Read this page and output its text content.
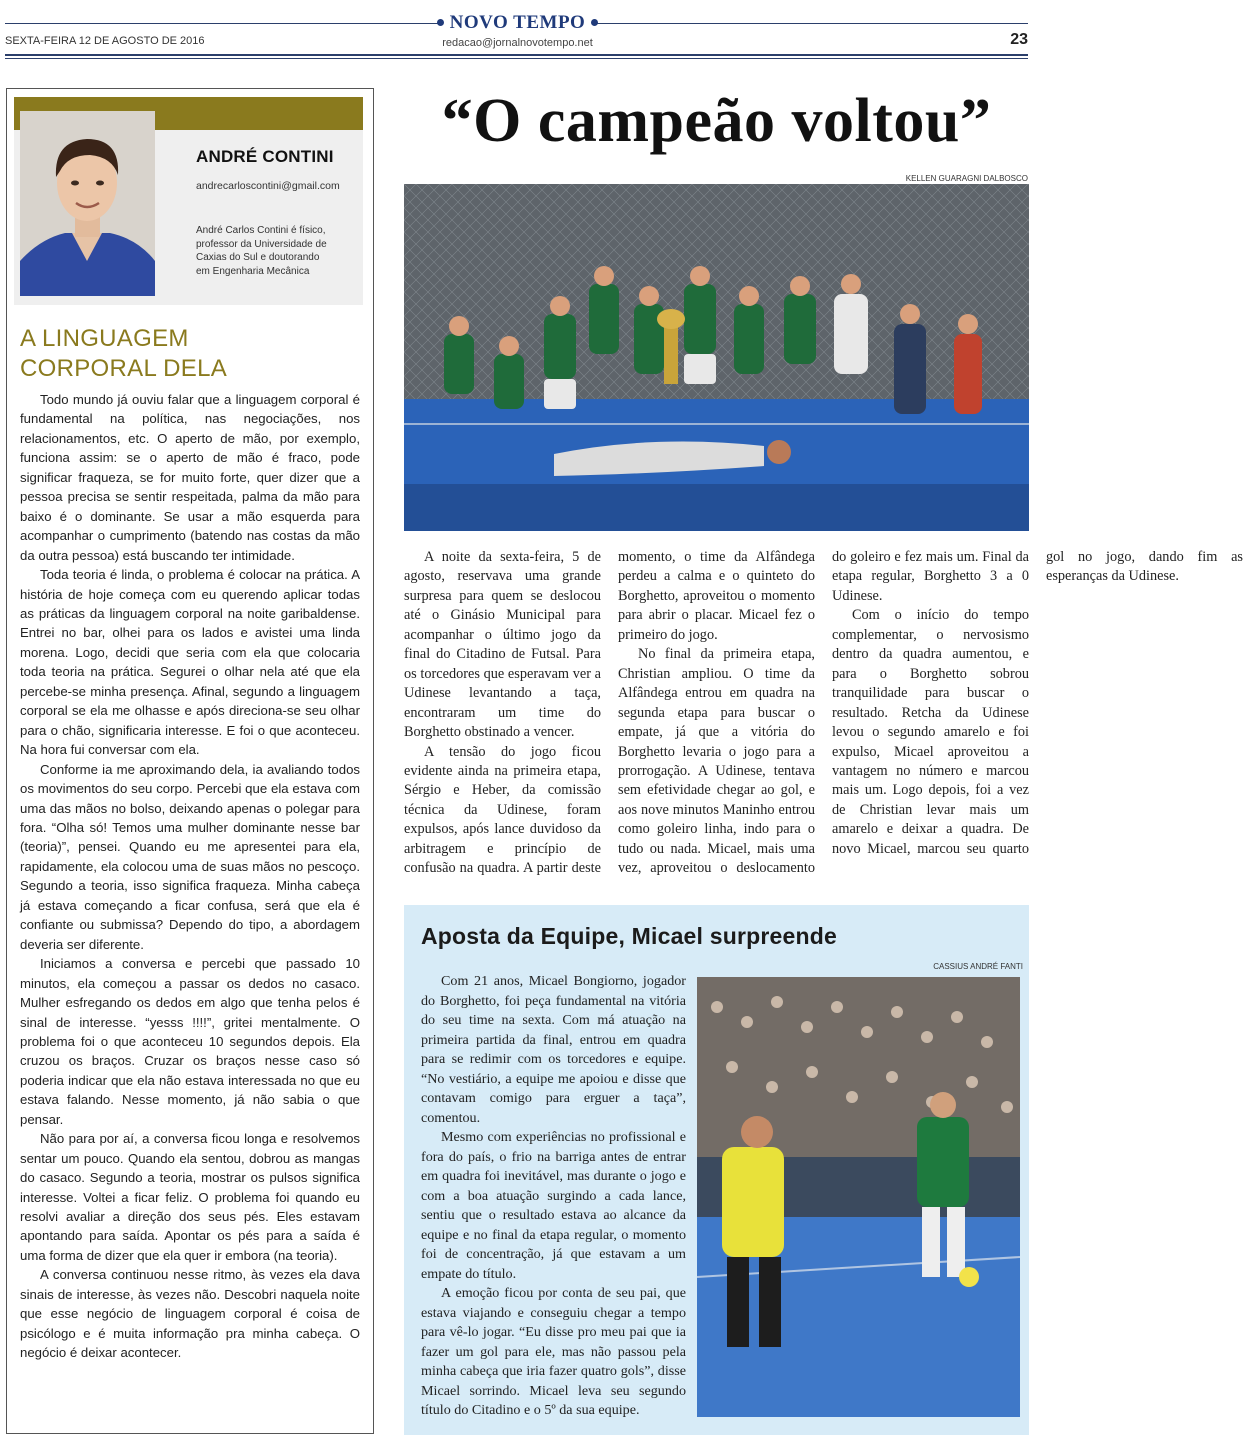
NOVO TEMPO
SEXTA-FEIRA 12 DE AGOSTO DE 2016	redacao@jornalnovotempo.net	23
ANDRÉ CONTINI
andrecarloscontini@gmail.com
André Carlos Contini é físico, professor da Universidade de Caxias do Sul e doutorando em Engenharia Mecânica
A LINGUAGEM
CORPORAL DELA

Todo mundo já ouviu falar que a linguagem corporal é fundamental na política, nas negociações, nos relacionamentos, etc. O aperto de mão, por exemplo, funciona assim: se o aperto de mão é fraco, pode significar fraqueza, se for muito forte, quer dizer que a pessoa precisa se sentir respeitada, palma da mão para baixo é o dominante. Se usar a mão esquerda para acompanhar o cumprimento (batendo nas costas da mão da outra pessoa) está buscando ter intimidade.

Toda teoria é linda, o problema é colocar na prática. A história de hoje começa com eu querendo aplicar todas as práticas da linguagem corporal na noite garibaldense. Entrei no bar, olhei para os lados e avistei uma linda morena. Logo, decidi que seria com ela que colocaria toda teoria na prática. Segurei o olhar nela até que ela percebe-se minha presença. Afinal, segundo a linguagem corporal se ela me olhasse e após direciona-se seu olhar para o chão, significaria interesse. E foi o que aconteceu. Na hora fui conversar com ela.

Conforme ia me aproximando dela, ia avaliando todos os movimentos do seu corpo. Percebi que ela estava com uma das mãos no bolso, deixando apenas o polegar para fora. “Olha só! Temos uma mulher dominante nesse bar (teoria)”, pensei. Quando eu me apresentei para ela, rapidamente, ela colocou uma de suas mãos no pescoço. Segundo a teoria, isso significa fraqueza. Minha cabeça já estava começando a ficar confusa, será que ela é confiante ou submissa? Dependo do tipo, a abordagem deveria ser diferente.

Iniciamos a conversa e percebi que passado 10 minutos, ela começou a passar os dedos no casaco. Mulher esfregando os dedos em algo que tenha pelos é sinal de interesse. “yesss !!!!”, gritei mentalmente. O problema foi o que aconteceu 10 segundos depois. Ela cruzou os braços. Cruzar os braços nesse caso só poderia indicar que ela não estava interessada no que eu estava falando. Nesse momento, já não sabia o que pensar.

Não para por aí, a conversa ficou longa e resolvemos sentar um pouco. Quando ela sentou, dobrou as mangas do casaco. Segundo a teoria, mostrar os pulsos significa interesse. Voltei a ficar feliz. O problema foi quando eu resolvi avaliar a direção dos seus pés. Eles estavam apontando para saída. Apontar os pés para a saída é uma forma de dizer que ela quer ir embora (na teoria).

A conversa continuou nesse ritmo, às vezes ela dava sinais de interesse, às vezes não. Descobri naquela noite que esse negócio de linguagem corporal é coisa de psicólogo e é muita informação pra minha cabeça. O negócio é deixar acontecer.

“O campeão voltou”
KELLEN GUARAGNI DALBOSCO

A noite da sexta-feira, 5 de agosto, reservava uma grande surpresa para quem se deslocou até o Ginásio Municipal para acompanhar o último jogo da final do Citadino de Futsal. Para os torcedores que esperavam ver a Udinese levantando a taça, encontraram um time do Borghetto obstinado a vencer.

A tensão do jogo ficou evidente ainda na primeira etapa, Sérgio e Heber, da comissão técnica da Udinese, foram expulsos, após lance duvidoso da arbitragem e princípio de confusão na quadra. A partir deste momento, o time da Alfândega perdeu a calma e o quinteto do Borghetto, aproveitou o momento para abrir o placar. Micael fez o primeiro do jogo.

No final da primeira etapa, Christian ampliou. O time da Alfândega entrou em quadra na segunda etapa para buscar o empate, já que a vitória do Borghetto levaria o jogo para a prorrogação. A Udinese, tentava sem efetividade chegar ao gol, e aos nove minutos Maninho entrou como goleiro linha, indo para o tudo ou nada. Micael, mais uma vez, aproveitou o deslocamento do goleiro e fez mais um. Final da etapa regular, Borghetto 3 a 0 Udinese.

Com o início do tempo complementar, o nervosismo dentro da quadra aumentou, e para o Borghetto sobrou tranquilidade para buscar o resultado. Retcha da Udinese levou o segundo amarelo e foi expulso, Micael aproveitou a vantagem no número e marcou mais um. Logo depois, foi a vez de Christian levar mais um amarelo e deixar a quadra. De novo Micael, marcou seu quarto gol no jogo, dando fim as esperanças da Udinese.

Aposta da Equipe, Micael surpreende
CASSIUS ANDRÉ FANTI

Com 21 anos, Micael Bongiorno, jogador do Borghetto, foi peça fundamental na vitória do seu time na sexta. Com má atuação na primeira partida da final, entrou em quadra para se redimir com os torcedores e equipe. “No vestiário, a equipe me apoiou e disse que contavam comigo para erguer a taça”, comentou.

Mesmo com experiências no profissional e fora do país, o frio na barriga antes de entrar em quadra foi inevitável, mas durante o jogo e com a boa atuação surgindo a cada lance, sentiu que o resultado estava ao alcance da equipe e no final da etapa regular, o momento foi de concentração, já que estavam a um empate do título.

A emoção ficou por conta de seu pai, que estava viajando e conseguiu chegar a tempo para vê-lo jogar. “Eu disse pro meu pai que ia fazer um gol para ele, mas não passou pela minha cabeça que iria fazer quatro gols”, disse Micael sorrindo. Micael leva seu segundo título do Citadino e o 5º da sua equipe.
